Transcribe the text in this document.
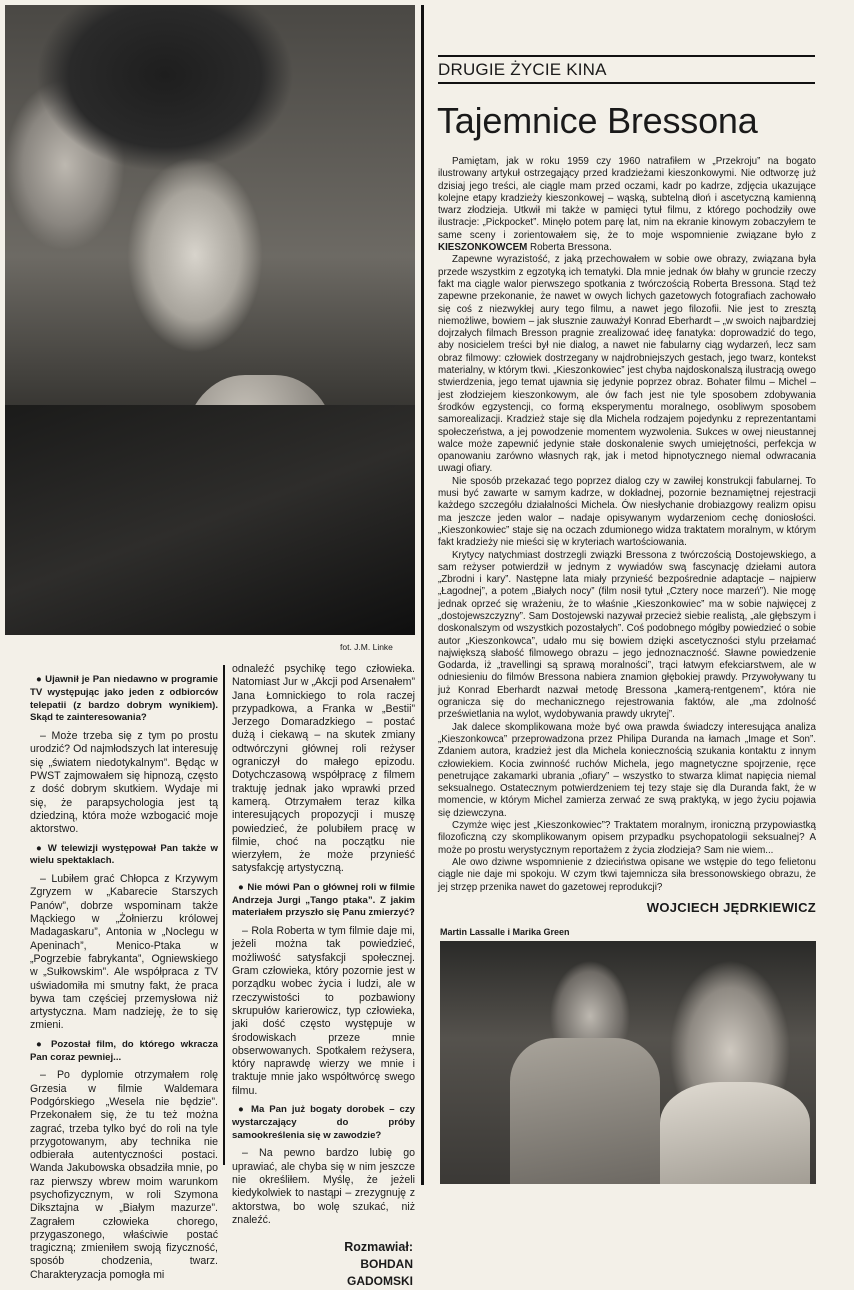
fot. J.M. Linke
DRUGIE ŻYCIE KINA
Tajemnice Bressona

Pamiętam, jak w roku 1959 czy 1960 natrafiłem w „Przekroju” na bogato ilustrowany artykuł ostrzegający przed kradzieżami kieszonkowymi. Nie odtworzę już dzisiaj jego treści, ale ciągle mam przed oczami, kadr po kadrze, zdjęcia ukazujące kolejne etapy kradzieży kieszonkowej – wąską, subtelną dłoń i ascetyczną kamienną twarz złodzieja. Utkwił mi także w pamięci tytuł filmu, z którego pochodziły owe ilustracje: „Pickpocket”. Minęło potem parę lat, nim na ekranie kinowym zobaczyłem te same sceny i zorientowałem się, że to moje wspomnienie związane było z KIESZONKOWCEM Roberta Bressona.

Zapewne wyrazistość, z jaką przechowałem w sobie owe obrazy, związana była przede wszystkim z egzotyką ich tematyki. Dla mnie jednak ów błahy w gruncie rzeczy fakt ma ciągle walor pierwszego spotkania z twórczością Roberta Bressona. Stąd też zapewne przekonanie, że nawet w owych lichych gazetowych fotografiach zachowało się coś z niezwykłej aury tego filmu, a nawet jego filozofii. Nie jest to zresztą niemożliwe, bowiem – jak słusznie zauważył Konrad Eberhardt – „w swoich najbardziej dojrzałych filmach Bresson pragnie zrealizować ideę fanatyka: doprowadzić do tego, aby nosicielem treści był nie dialog, a nawet nie fabularny ciąg wydarzeń, lecz sam obraz filmowy: człowiek dostrzegany w najdrobniejszych gestach, jego twarz, kontekst materialny, w którym tkwi. „Kieszonkowiec” jest chyba najdoskonalszą ilustracją owego stwierdzenia, jego temat ujawnia się jedynie poprzez obraz. Bohater filmu – Michel – jest złodziejem kieszonkowym, ale ów fach jest nie tyle sposobem zdobywania środków egzystencji, co formą eksperymentu moralnego, osobliwym sposobem samorealizacji. Kradzież staje się dla Michela rodzajem pojedynku z reprezentantami społeczeństwa, a jej powodzenie momentem wyzwolenia. Sukces w owej nieustannej walce może zapewnić jedynie stałe doskonalenie swych umiejętności, perfekcja w opanowaniu zarówno własnych rąk, jak i metod hipnotycznego niemal odwracania uwagi ofiary.

Nie sposób przekazać tego poprzez dialog czy w zawiłej konstrukcji fabularnej. To musi być zawarte w samym kadrze, w dokładnej, pozornie beznamiętnej rejestracji każdego szczegółu działalności Michela. Ów niesłychanie drobiazgowy realizm opisu ma jeszcze jeden walor – nadaje opisywanym wydarzeniom cechę doniosłości. „Kieszonkowiec” staje się na oczach zdumionego widza traktatem moralnym, w którym fakt kradzieży nie mieści się w kryteriach wartościowania.

Krytycy natychmiast dostrzegli związki Bressona z twórczością Dostojewskiego, a sam reżyser potwierdził w jednym z wywiadów swą fascynację dziełami autora „Zbrodni i kary”. Następne lata miały przynieść bezpośrednie adaptacje – najpierw „Łagodnej”, a potem „Białych nocy” (film nosił tytuł „Cztery noce marzeń”). Nie mogę jednak oprzeć się wrażeniu, że to właśnie „Kieszonkowiec” ma w sobie najwięcej z „dostojewszczyzny”. Sam Dostojewski nazywał przecież siebie realistą, „ale głębszym i doskonalszym od wszystkich pozostałych”. Coś podobnego mógłby powiedzieć o sobie autor „Kieszonkowca”, udało mu się bowiem dzięki ascetyczności stylu przełamać największą słabość filmowego obrazu – jego jednoznaczność. Sławne powiedzenie Godarda, iż „travellingi są sprawą moralności”, trąci łatwym efekciarstwem, ale w odniesieniu do filmów Bressona nabiera znamion głębokiej prawdy. Przywoływany tu już Konrad Eberhardt nazwał metodę Bressona „kamerą-rentgenem”, która nie ogranicza się do mechanicznego rejestrowania faktów, ale „ma zdolność prześwietlania na wylot, wydobywania prawdy ukrytej”.

Jak dalece skomplikowana może być owa prawda świadczy interesująca analiza „Kieszonkowca” przeprowadzona przez Philipa Duranda na łamach „Image et Son”. Zdaniem autora, kradzież jest dla Michela koniecznością szukania kontaktu z innym człowiekiem. Kocia zwinność ruchów Michela, jego magnetyczne spojrzenie, ręce penetrujące zakamarki ubrania „ofiary” – wszystko to stwarza klimat napięcia niemal seksualnego. Ostatecznym potwierdzeniem tej tezy staje się dla Duranda fakt, że w momencie, w którym Michel zamierza zerwać ze swą praktyką, w jego życiu pojawia się dziewczyna.

Czymże więc jest „Kieszonkowiec”? Traktatem moralnym, ironiczną przypowiastką filozoficzną czy skomplikowanym opisem przypadku psychopatologii seksualnej? A może po prostu werystycznym reportażem z życia złodzieja? Sam nie wiem...

Ale owo dziwne wspomnienie z dzieciństwa opisane we wstępie do tego felietonu ciągle nie daje mi spokoju. W czym tkwi tajemnicza siła bressonowskiego obrazu, że jej strzęp przenika nawet do gazetowej reprodukcji?

WOJCIECH JĘDRKIEWICZ
Martin Lassalle i Marika Green

● Ujawnił je Pan niedawno w programie TV występując jako jeden z odbiorców telepatii (z bardzo dobrym wynikiem). Skąd te zainteresowania?

– Może trzeba się z tym po prostu urodzić? Od najmłodszych lat interesuję się „światem niedotykalnym”. Będąc w PWST zajmowałem się hipnozą, często z dość dobrym skutkiem. Wydaje mi się, że parapsychologia jest tą dziedziną, która może wzbogacić moje aktorstwo.

● W telewizji występował Pan także w wielu spektaklach.

– Lubiłem grać Chłopca z Krzywym Zgryzem w „Kabarecie Starszych Panów”, dobrze wspominam także Mąckiego w „Żołnierzu królowej Madagaskaru”, Antonia w „Noclegu w Apeninach”, Menico-Ptaka w „Pogrzebie fabrykanta”, Ogniewskiego w „Sułkowskim”. Ale współpraca z TV uświadomiła mi smutny fakt, że praca bywa tam częściej przemysłowa niż artystyczna. Mam nadzieję, że to się zmieni.

● Pozostał film, do którego wkracza Pan coraz pewniej...

– Po dyplomie otrzymałem rolę Grzesia w filmie Waldemara Podgórskiego „Wesela nie będzie”. Przekonałem się, że tu też można zagrać, trzeba tylko być do roli na tyle przygotowanym, aby technika nie odbierała autentyczności postaci. Wanda Jakubowska obsadziła mnie, po raz pierwszy wbrew moim warunkom psychofizycznym, w roli Szymona Diksztajna w „Białym mazurze”. Zagrałem człowieka chorego, przygaszonego, właściwie postać tragiczną; zmieniłem swoją fizyczność, sposób chodzenia, twarz. Charakteryzacja pomogła mi

odnaleźć psychikę tego człowieka. Natomiast Jur w „Akcji pod Arsenałem” Jana Łomnickiego to rola raczej przypadkowa, a Franka w „Bestii” Jerzego Domaradzkiego – postać dużą i ciekawą – na skutek zmiany odtwórczyni głównej roli reżyser ograniczył do małego epizodu. Dotychczasową współpracę z filmem traktuję jednak jako wprawki przed kamerą. Otrzymałem teraz kilka interesujących propozycji i muszę powiedzieć, że polubiłem pracę w filmie, choć na początku nie wierzyłem, że może przynieść satysfakcję artystyczną.

● Nie mówi Pan o głównej roli w filmie Andrzeja Jurgi „Tango ptaka”. Z jakim materiałem przyszło się Panu zmierzyć?

– Rola Roberta w tym filmie daje mi, jeżeli można tak powiedzieć, możliwość satysfakcji społecznej. Gram człowieka, który pozornie jest w porządku wobec życia i ludzi, ale w rzeczywistości to pozbawiony skrupułów karierowicz, typ człowieka, jaki dość często występuje w środowiskach przeze mnie obserwowanych. Spotkałem reżysera, który naprawdę wierzy we mnie i traktuje mnie jako współtwórcę swego filmu.

● Ma Pan już bogaty dorobek – czy wystarczający do próby samookreślenia się w zawodzie?

– Na pewno bardzo lubię go uprawiać, ale chyba się w nim jeszcze nie określiłem. Myślę, że jeżeli kiedykolwiek to nastąpi – zrezygnuję z aktorstwa, bo wolę szukać, niż znaleźć.

Rozmawiał:
BOHDAN
GADOMSKI
